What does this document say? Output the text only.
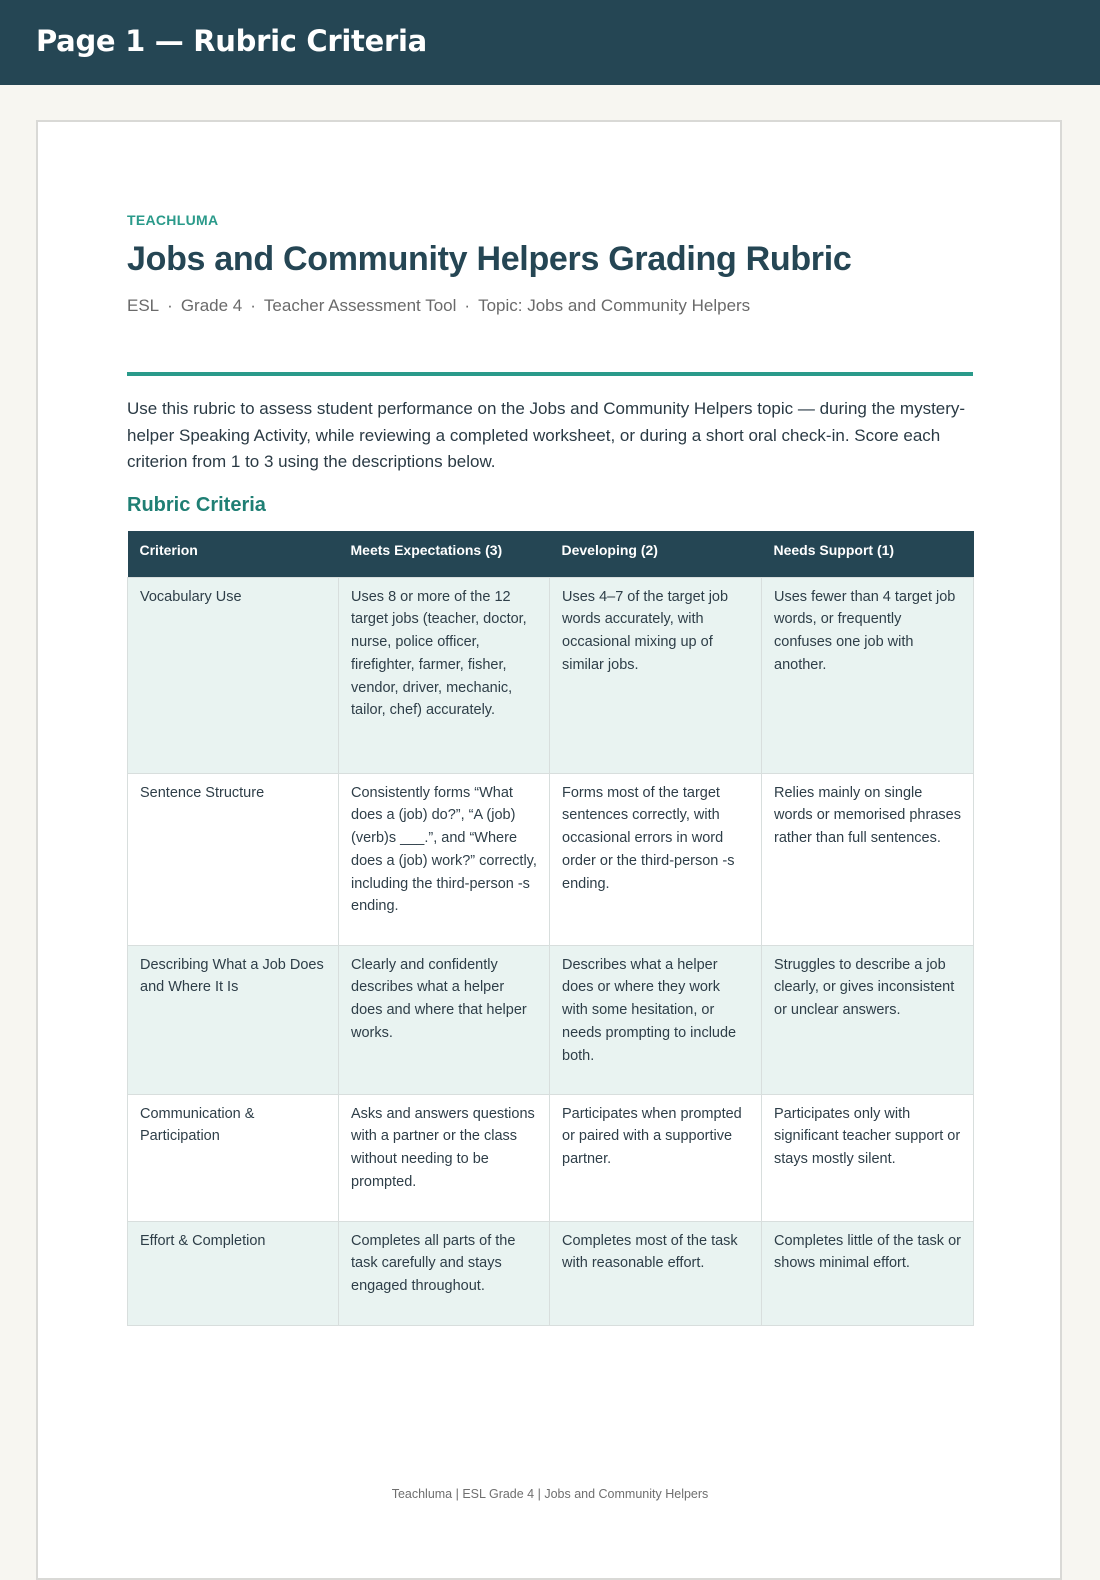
Page 1 — Rubric Criteria
TEACHLUMA
Jobs and Community Helpers Grading Rubric
ESL · Grade 4 · Teacher Assessment Tool · Topic: Jobs and Community Helpers
Use this rubric to assess student performance on the Jobs and Community Helpers topic — during the mystery-helper Speaking Activity, while reviewing a completed worksheet, or during a short oral check-in. Score each criterion from 1 to 3 using the descriptions below.
Rubric Criteria
Criterion	Meets Expectations (3)	Developing (2)	Needs Support (1)
Vocabulary Use	Uses 8 or more of the 12 target jobs (teacher, doctor, nurse, police officer, firefighter, farmer, fisher, vendor, driver, mechanic, tailor, chef) accurately.	Uses 4–7 of the target job words accurately, with occasional mixing up of similar jobs.	Uses fewer than 4 target job words, or frequently confuses one job with another.
Sentence Structure	Consistently forms “What does a (job) do?”, “A (job) (verb)s ___.”, and “Where does a (job) work?” correctly, including the third-person -s ending.	Forms most of the target sentences correctly, with occasional errors in word order or the third-person -s ending.	Relies mainly on single words or memorised phrases rather than full sentences.
Describing What a Job Does and Where It Is	Clearly and confidently describes what a helper does and where that helper works.	Describes what a helper does or where they work with some hesitation, or needs prompting to include both.	Struggles to describe a job clearly, or gives inconsistent or unclear answers.
Communication & Participation	Asks and answers questions with a partner or the class without needing to be prompted.	Participates when prompted or paired with a supportive partner.	Participates only with significant teacher support or stays mostly silent.
Effort & Completion	Completes all parts of the task carefully and stays engaged throughout.	Completes most of the task with reasonable effort.	Completes little of the task or shows minimal effort.
Teachluma | ESL Grade 4 | Jobs and Community Helpers
